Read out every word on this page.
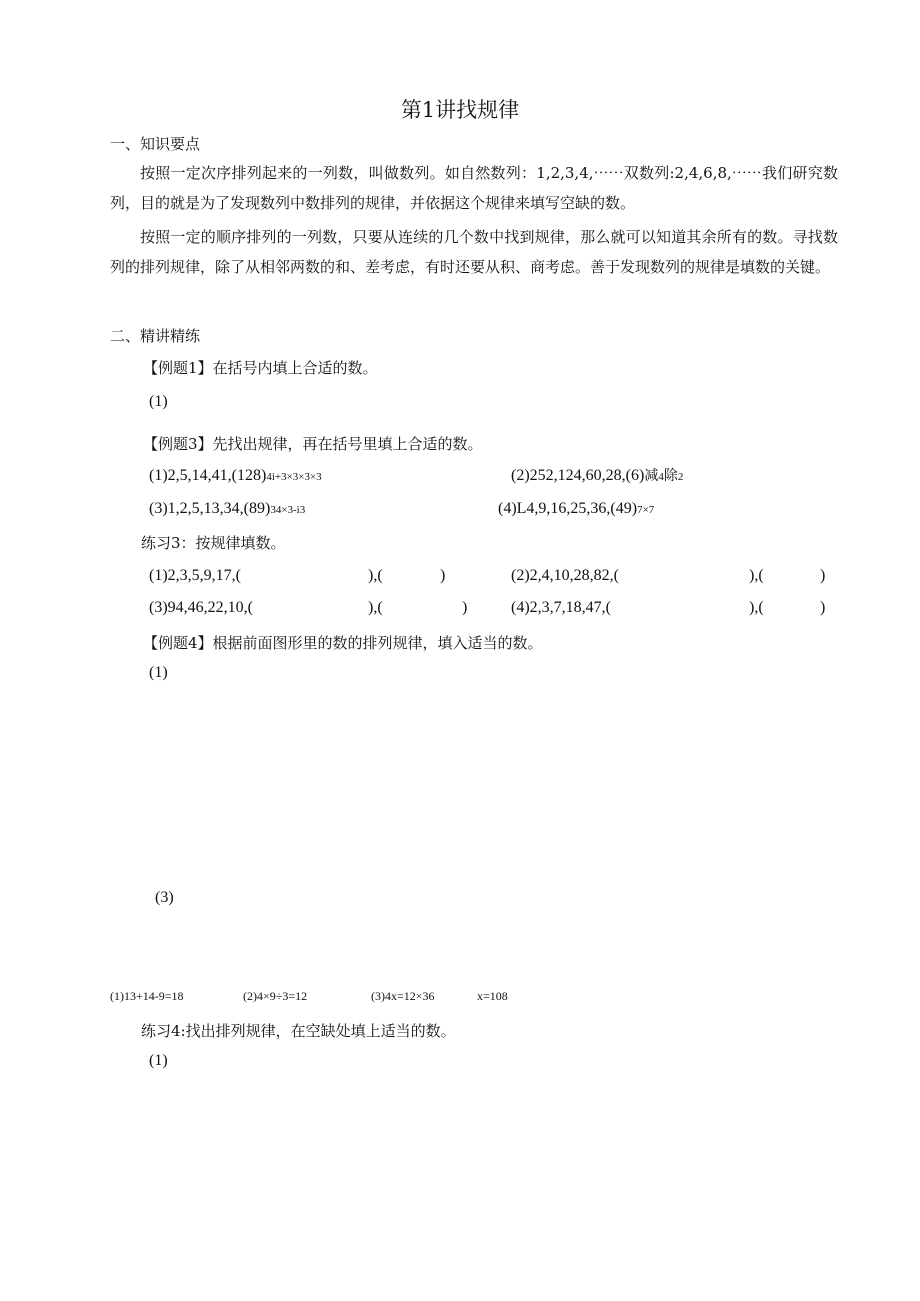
第1讲找规律
一、知识要点
按照一定次序排列起来的一列数，叫做数列。如自然数列：1,2,3,4,⋯⋯双数列:2,4,6,8,⋯⋯我们研究数列，目的就是为了发现数列中数排列的规律，并依据这个规律来填写空缺的数。
按照一定的顺序排列的一列数，只要从连续的几个数中找到规律，那么就可以知道其余所有的数。寻找数列的排列规律，除了从相邻两数的和、差考虑，有时还要从积、商考虑。善于发现数列的规律是填数的关键。
二、精讲精练
【例题1】在括号内填上合适的数。
(1)
【例题3】先找出规律，再在括号里填上合适的数。
(1)2,5,14,41,(128)4i+3×3×3×3	(2)252,124,60,28,(6)减4除2
(3)1,2,5,13,34,(89)34×3-i3	(4)L4,9,16,25,36,(49)7×7
练习3：按规律填数。
(1)2,3,5,9,17,(	),(	)	(2)2,4,10,28,82,(	),(	)
(3)94,46,22,10,(	),(	)	(4)2,3,7,18,47,(	),(	)
【例题4】根据前面图形里的数的排列规律，填入适当的数。
(1)
(3)
(1)13+14-9=18	(2)4×9÷3=12	(3)4x=12×36	x=108
练习4:找出排列规律，在空缺处填上适当的数。
(1)
